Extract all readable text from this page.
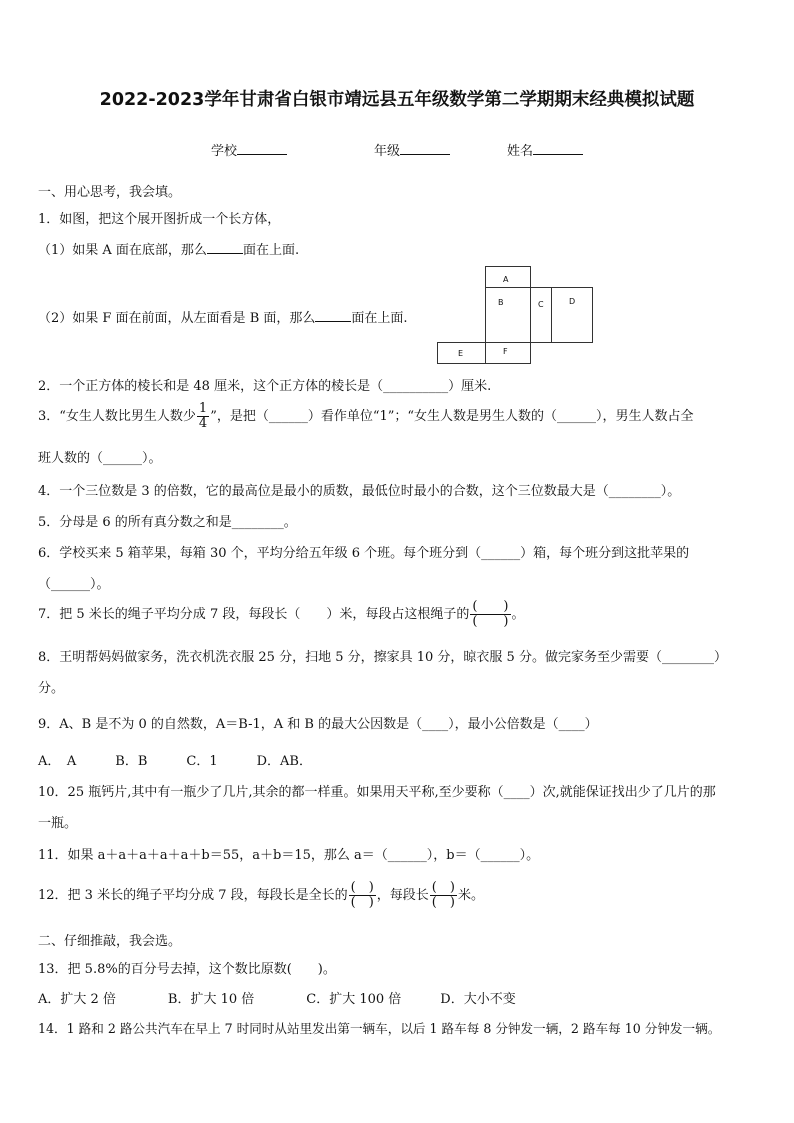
2022-2023学年甘肃省白银市靖远县五年级数学第二学期期末经典模拟试题
学校	年级	姓名
一、用心思考，我会填。
1．如图，把这个展开图折成一个长方体，
（1）如果 A 面在底部，那么	面在上面.
（2）如果 F 面在前面，从左面看是 B 面，那么	面在上面.
A
B	C	D
E	F
2．一个正方体的棱长和是 48 厘米，这个正方体的棱长是（__________）厘米.
3．“女生人数比男生人数少 $\frac{1}{4}$ ”，是把（______）看作单位“1”；“女生人数是男生人数的（______），男生人数占全
班人数的（______）。
4．一个三位数是 3 的倍数，它的最高位是最小的质数，最低位时最小的合数，这个三位数最大是（________）。
5．分母是 6 的所有真分数之和是________。
6．学校买来 5 箱苹果，每箱 30 个，平均分给五年级 6 个班。每个班分到（______）箱，每个班分到这批苹果的
（______）。
7．把 5 米长的绳子平均分成 7 段，每段长（　　）米，每段占这根绳子的 $\frac{( )}{( )}$ 。
8．王明帮妈妈做家务，洗衣机洗衣服 25 分，扫地 5 分，擦家具 10 分，晾衣服 5 分。做完家务至少需要（________）
分。
9．A、B 是不为 0 的自然数，A＝B-1，A 和 B 的最大公因数是（____），最小公倍数是（____）
A．　A　　　B．B　　　C．1　　　D．AB．
10．25 瓶钙片,其中有一瓶少了几片,其余的都一样重。如果用天平称,至少要称（____）次,就能保证找出少了几片的那
一瓶。
11．如果 a＋a＋a＋a＋a＋b＝55，a＋b＝15，那么 a＝（______），b＝（______）。
12．把 3 米长的绳子平均分成 7 段，每段长是全长的 $\frac{( )}{( )}$ ，每段长 $\frac{( )}{( )}$ 米。
二、仔细推敲，我会选。
13．把 5.8%的百分号去掉，这个数比原数(　　)。
A．扩大 2 倍　　　　B．扩大 10 倍　　　　C．扩大 100 倍　　　D．大小不变
14．1 路和 2 路公共汽车在早上 7 时同时从站里发出第一辆车，以后 1 路车每 8 分钟发一辆，2 路车每 10 分钟发一辆。
